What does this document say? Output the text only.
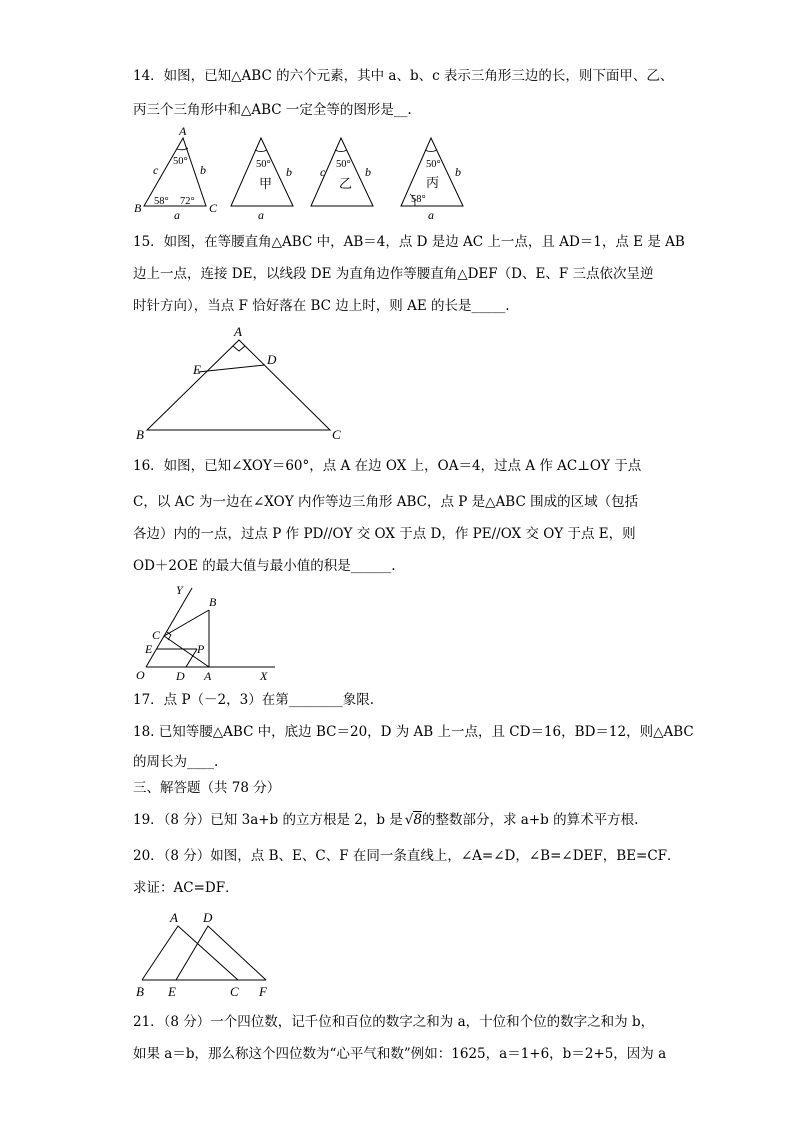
14．如图，已知△ABC 的六个元素，其中 a、b、c 表示三角形三边的长，则下面甲、乙、
丙三个三角形中和△ABC 一定全等的图形是__.
A
B	C
a
b
c
50°
58° 72°
50°
甲
b
a
50°
乙
b
c
50°
丙
b
58°
a
15．如图，在等腰直角△ABC 中，AB＝4，点 D 是边 AC 上一点，且 AD＝1，点 E 是 AB
边上一点，连接 DE，以线段 DE 为直角边作等腰直角△DEF（D、E、F 三点依次呈逆
时针方向），当点 F 恰好落在 BC 边上时，则 AE 的长是_____.
A
B	C
D
E
16．如图，已知∠XOY＝60°，点 A 在边 OX 上，OA＝4，过点 A 作 AC⊥OY 于点
C，以 AC 为一边在∠XOY 内作等边三角形 ABC，点 P 是△ABC 围成的区域（包括
各边）内的一点，过点 P 作 PD//OY 交 OX 于点 D，作 PE//OX 交 OY 于点 E，则
OD＋2OE 的最大值与最小值的积是______.
Y
B
C
E	P
O	D A	X
17．点 P（－2，3）在第________象限.
18. 已知等腰△ABC 中，底边 BC＝20，D 为 AB 上一点，且 CD＝16，BD＝12，则△ABC
的周长为____.
三、解答题（共 78 分）
19．（8 分）已知 3a+b 的立方根是 2，b 是 √8的整数部分，求 a+b 的算术平方根.
20．（8 分）如图，点 B、E、C、F 在同一条直线上，∠A=∠D，∠B=∠DEF，BE=CF．
求证：AC=DF．
A D
B E	C F
21．（8 分）一个四位数，记千位和百位的数字之和为 a，十位和个位的数字之和为 b，
如果 a＝b，那么称这个四位数为“心平气和数”例如：1625，a＝1+6，b＝2+5，因为 a
